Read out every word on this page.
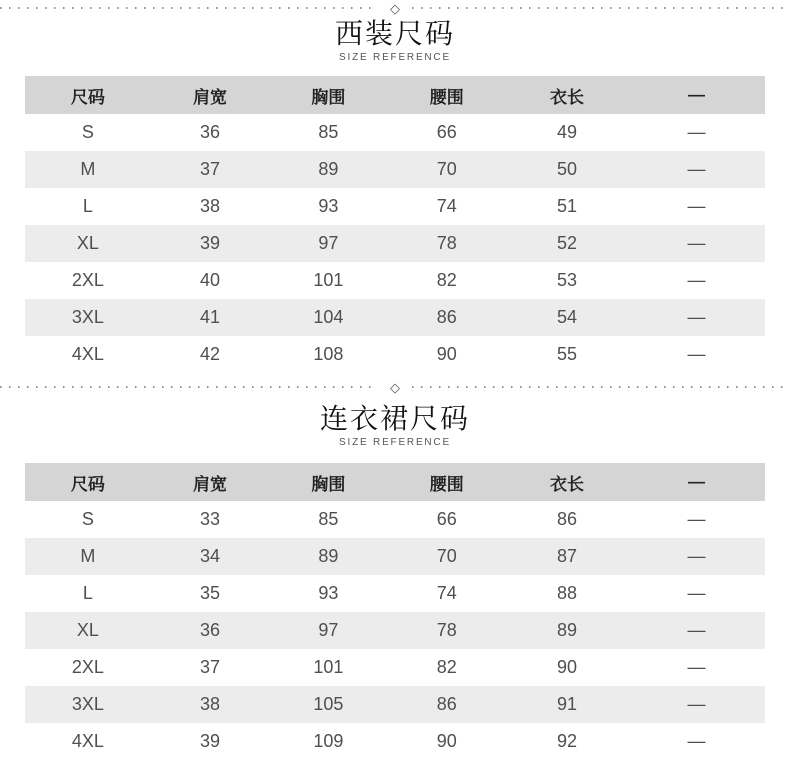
◇
西装尺码
SIZE REFERENCE
尺码	肩宽	胸围	腰围	衣长	—
S	36	85	66	49	—
M	37	89	70	50	—
L	38	93	74	51	—
XL	39	97	78	52	—
2XL	40	101	82	53	—
3XL	41	104	86	54	—
4XL	42	108	90	55	—
◇
连衣裙尺码
SIZE REFERENCE
尺码	肩宽	胸围	腰围	衣长	—
S	33	85	66	86	—
M	34	89	70	87	—
L	35	93	74	88	—
XL	36	97	78	89	—
2XL	37	101	82	90	—
3XL	38	105	86	91	—
4XL	39	109	90	92	—
